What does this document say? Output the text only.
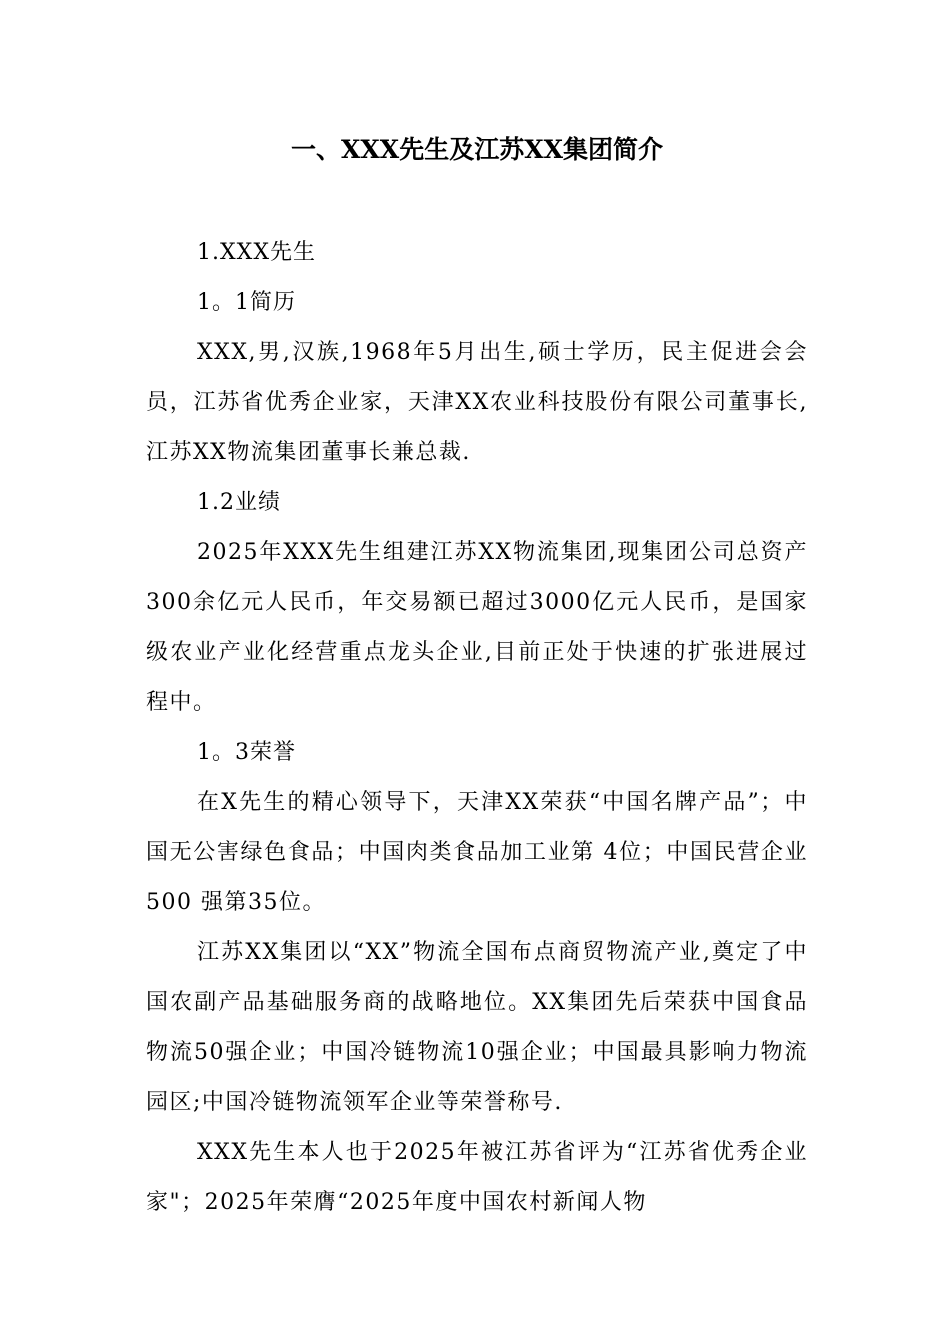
一、XXX先生及江苏XX集团简介

1.XXX先生

1。1简历

XXX,男,汉族,1968年5月出生,硕士学历，民主促进会会员，江苏省优秀企业家，天津XX农业科技股份有限公司董事长,江苏XX物流集团董事长兼总裁.

1.2业绩

2025年XXX先生组建江苏XX物流集团,现集团公司总资产300余亿元人民币，年交易额已超过3000亿元人民币，是国家级农业产业化经营重点龙头企业,目前正处于快速的扩张进展过程中。

1。3荣誉

在X先生的精心领导下，天津XX荣获“中国名牌产品”；中国无公害绿色食品；中国肉类食品加工业第 4位；中国民营企业 500 强第35位。

江苏XX集团以“XX”物流全国布点商贸物流产业,奠定了中国农副产品基础服务商的战略地位。XX集团先后荣获中国食品物流50强企业；中国冷链物流10强企业；中国最具影响力物流园区;中国冷链物流领军企业等荣誉称号.

XXX先生本人也于2025年被江苏省评为“江苏省优秀企业家"；2025年荣膺“2025年度中国农村新闻人物
